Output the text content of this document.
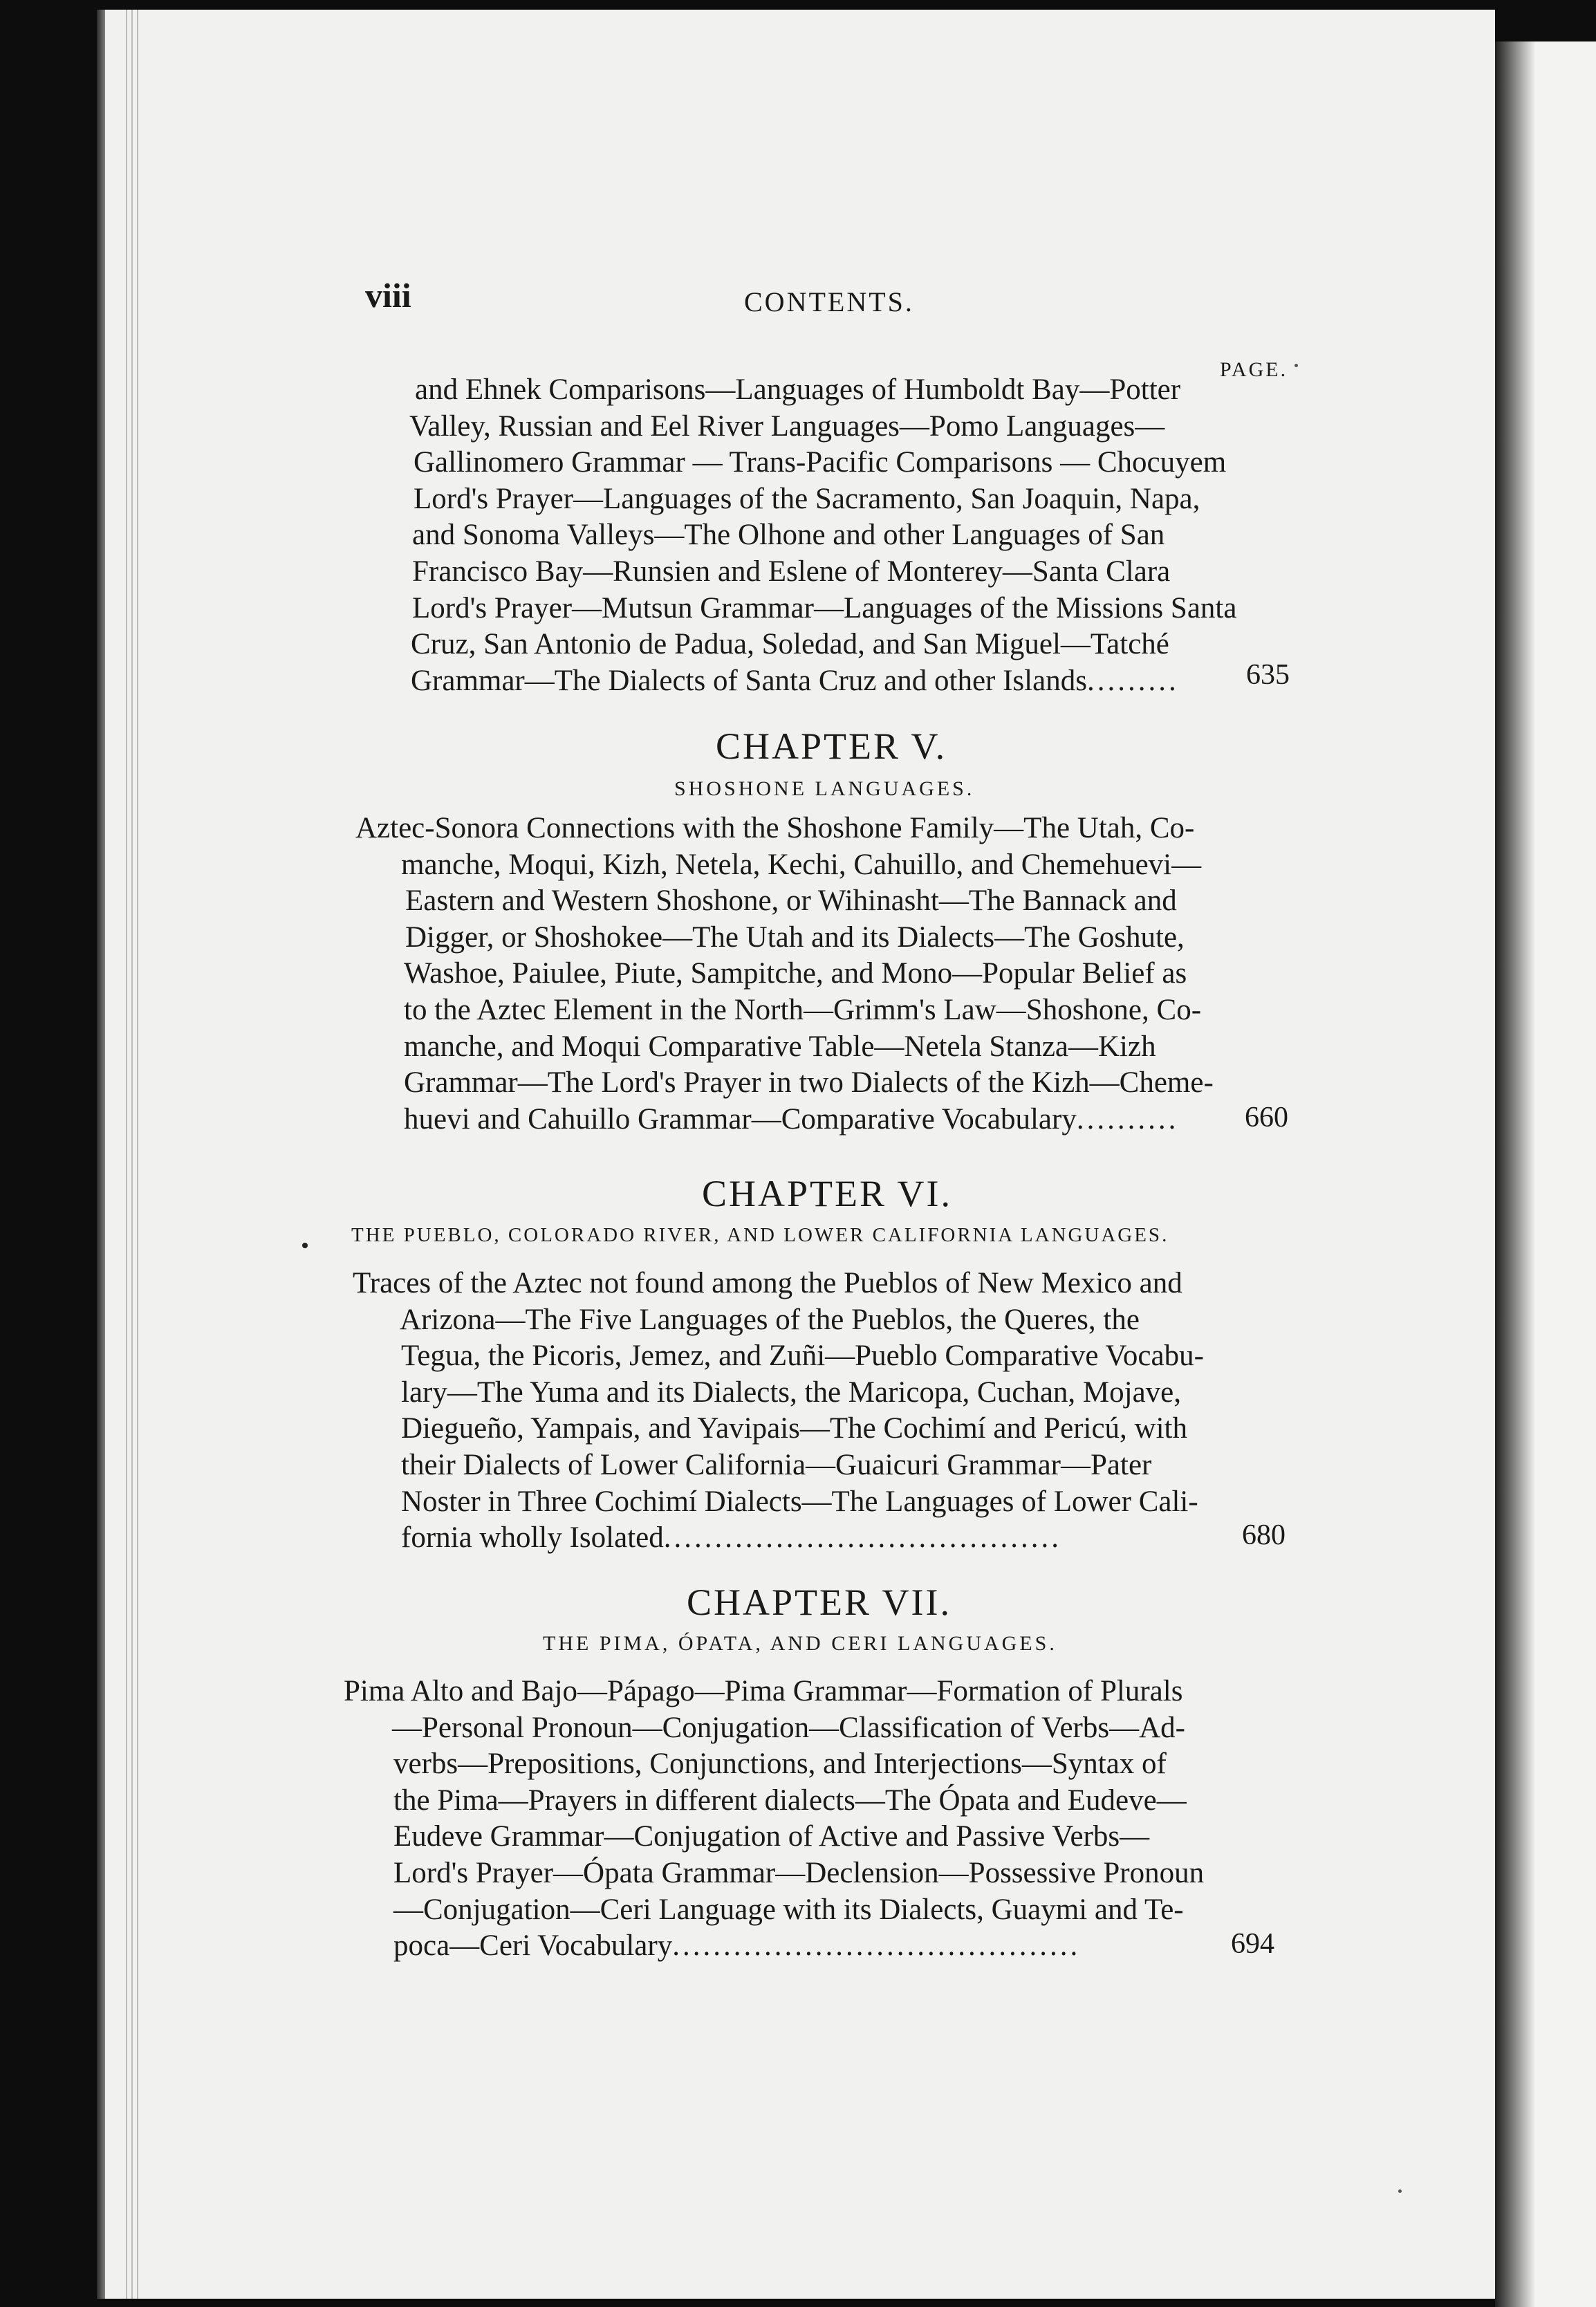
viii	CONTENTS.
PAGE.
and Ehnek Comparisons—Languages of Humboldt Bay—Potter
Valley, Russian and Eel River Languages—Pomo Languages—
Gallinomero Grammar — Trans-Pacific Comparisons — Chocuyem
Lord's Prayer—Languages of the Sacramento, San Joaquin, Napa,
and Sonoma Valleys—The Olhone and other Languages of San
Francisco Bay—Runsien and Eslene of Monterey—Santa Clara
Lord's Prayer—Mutsun Grammar—Languages of the Missions Santa
Cruz, San Antonio de Padua, Soledad, and San Miguel—Tatché
Grammar—The Dialects of Santa Cruz and other Islands.........	635
CHAPTER V.
SHOSHONE LANGUAGES.
Aztec-Sonora Connections with the Shoshone Family—The Utah, Co-
manche, Moqui, Kizh, Netela, Kechi, Cahuillo, and Chemehuevi—
Eastern and Western Shoshone, or Wihinasht—The Bannack and
Digger, or Shoshokee—The Utah and its Dialects—The Goshute,
Washoe, Paiulee, Piute, Sampitche, and Mono—Popular Belief as
to the Aztec Element in the North—Grimm's Law—Shoshone, Co-
manche, and Moqui Comparative Table—Netela Stanza—Kizh
Grammar—The Lord's Prayer in two Dialects of the Kizh—Cheme-
huevi and Cahuillo Grammar—Comparative Vocabulary..........	660
CHAPTER VI.
THE PUEBLO, COLORADO RIVER, AND LOWER CALIFORNIA LANGUAGES.
Traces of the Aztec not found among the Pueblos of New Mexico and
Arizona—The Five Languages of the Pueblos, the Queres, the
Tegua, the Picoris, Jemez, and Zuñi—Pueblo Comparative Vocabu-
lary—The Yuma and its Dialects, the Maricopa, Cuchan, Mojave,
Diegueño, Yampais, and Yavipais—The Cochimí and Pericú, with
their Dialects of Lower California—Guaicuri Grammar—Pater
Noster in Three Cochimí Dialects—The Languages of Lower Cali-
fornia wholly Isolated.......................................	680
CHAPTER VII.
THE PIMA, ÓPATA, AND CERI LANGUAGES.
Pima Alto and Bajo—Pápago—Pima Grammar—Formation of Plurals
—Personal Pronoun—Conjugation—Classification of Verbs—Ad-
verbs—Prepositions, Conjunctions, and Interjections—Syntax of
the Pima—Prayers in different dialects—The Ópata and Eudeve—
Eudeve Grammar—Conjugation of Active and Passive Verbs—
Lord's Prayer—Ópata Grammar—Declension—Possessive Pronoun
—Conjugation—Ceri Language with its Dialects, Guaymi and Te-
poca—Ceri Vocabulary........................................	694
